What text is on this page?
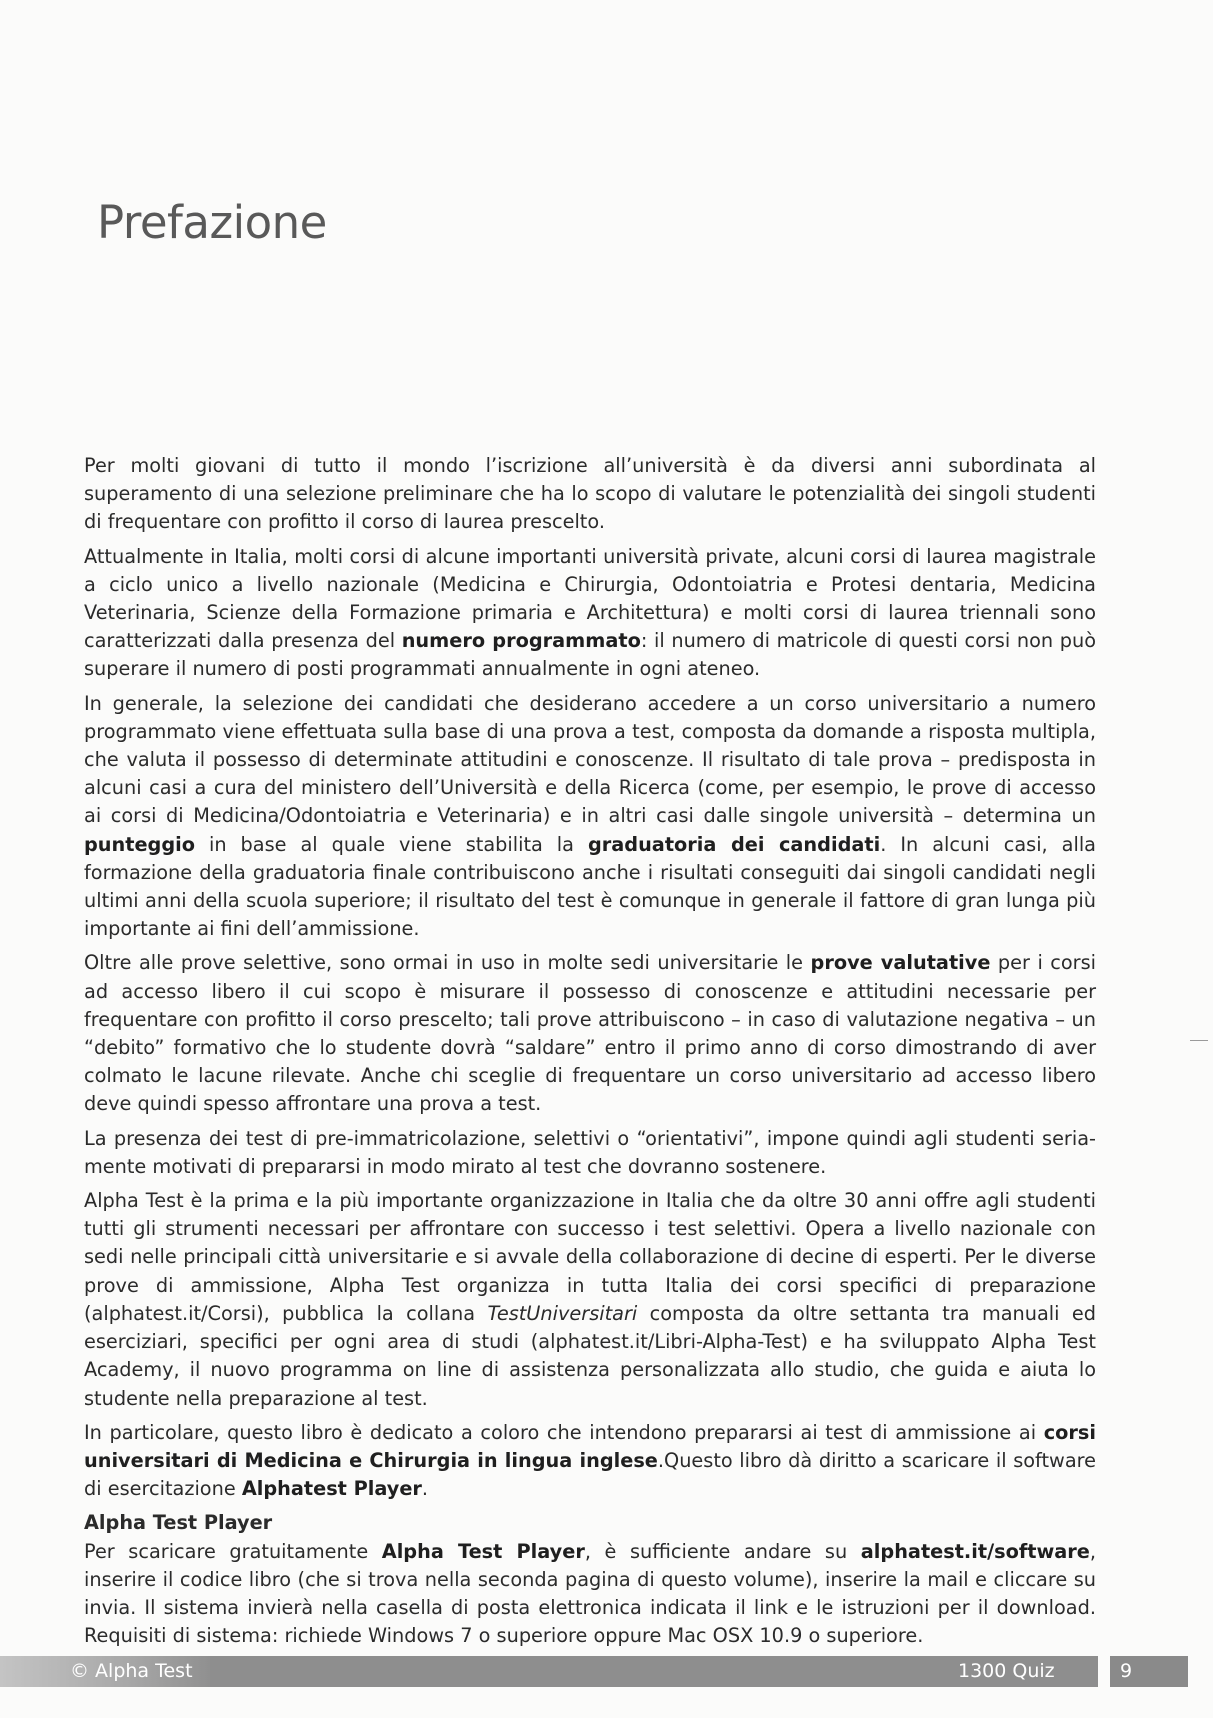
Prefazione

Per molti giovani di tutto il mondo l’iscrizione all’università è da diversi anni subordinata al superamento di una selezione preliminare che ha lo scopo di valutare le potenzialità dei singoli studenti di frequentare con profitto il corso di laurea prescelto.

Attualmente in Italia, molti corsi di alcune importanti università private, alcuni corsi di laurea magistrale a ciclo unico a livello nazionale (Medicina e Chirurgia, Odontoiatria e Protesi dentaria, Medicina Veterinaria, Scienze della Formazione primaria e Architettura) e molti corsi di laurea triennali sono caratterizzati dalla presenza del numero programmato: il numero di matricole di questi corsi non può superare il numero di posti programmati annualmente in ogni ateneo.

In generale, la selezione dei candidati che desiderano accedere a un corso universitario a numero programmato viene effettuata sulla base di una prova a test, composta da domande a risposta multipla, che valuta il possesso di determinate attitudini e conoscenze. Il risultato di tale prova – predisposta in alcuni casi a cura del ministero dell’Università e della Ricerca (come, per esempio, le prove di accesso ai corsi di Medicina/Odontoiatria e Veterinaria) e in altri casi dalle singole università – determina un punteggio in base al quale viene stabilita la graduatoria dei candidati. In alcuni casi, alla formazione della graduatoria finale contribuiscono anche i risultati conseguiti dai singoli candidati negli ultimi anni della scuola superiore; il risultato del test è comunque in generale il fattore di gran lunga più importante ai fini dell’ammissione.

Oltre alle prove selettive, sono ormai in uso in molte sedi universitarie le prove valutative per i corsi ad accesso libero il cui scopo è misurare il possesso di conoscenze e attitudini necessarie per frequentare con profitto il corso prescelto; tali prove attribuiscono – in caso di valutazione negativa – un “debito” formativo che lo studente dovrà “saldare” entro il primo anno di corso dimostrando di aver colmato le lacune rilevate. Anche chi sceglie di frequentare un corso universitario ad accesso libero deve quindi spesso affrontare una prova a test.

La presenza dei test di pre-immatricolazione, selettivi o “orientativi”, impone quindi agli studenti seriamente motivati di prepararsi in modo mirato al test che dovranno sostenere.

Alpha Test è la prima e la più importante organizzazione in Italia che da oltre 30 anni offre agli studenti tutti gli strumenti necessari per affrontare con successo i test selettivi. Opera a livello nazionale con sedi nelle principali città universitarie e si avvale della collaborazione di decine di esperti. Per le diverse prove di ammissione, Alpha Test organizza in tutta Italia dei corsi specifici di preparazione (alphatest.it/Corsi), pubblica la collana TestUniversitari composta da oltre settanta tra manuali ed eserciziari, specifici per ogni area di studi (alphatest.it/Libri-Alpha-Test) e ha sviluppato Alpha Test Academy, il nuovo programma on line di assistenza personalizzata allo studio, che guida e aiuta lo studente nella preparazione al test.

In particolare, questo libro è dedicato a coloro che intendono prepararsi ai test di ammissione ai corsi universitari di Medicina e Chirurgia in lingua inglese.Questo libro dà diritto a scaricare il software di esercitazione Alphatest Player.

Alpha Test Player

Per scaricare gratuitamente Alpha Test Player, è sufficiente andare su alphatest.it/software, inserire il codice libro (che si trova nella seconda pagina di questo volume), inserire la mail e cliccare su invia. Il sistema invierà nella casella di posta elettronica indicata il link e le istruzioni per il download. Requisiti di sistema: richiede Windows 7 o superiore oppure Mac OSX 10.9 o superiore.

© Alpha Test	1300 Quiz	9
